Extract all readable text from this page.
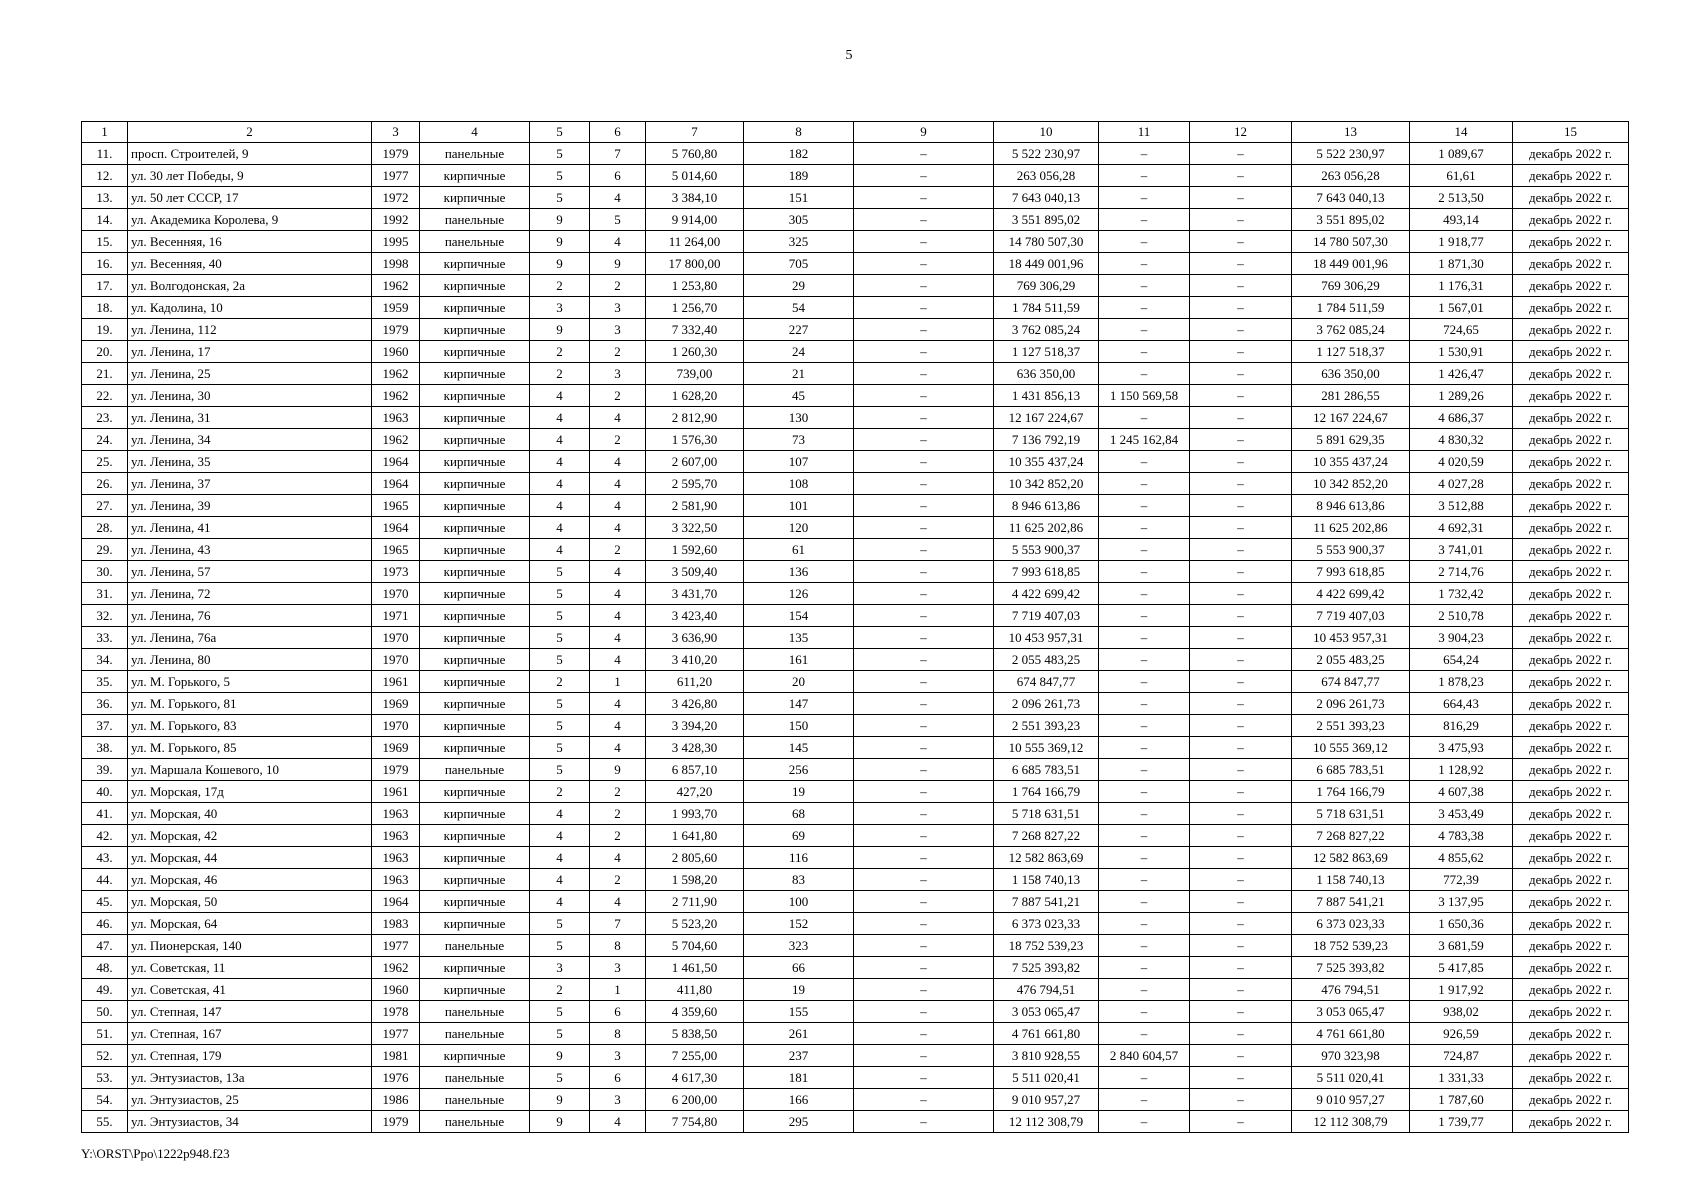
5
1	2	3	4	5	6	7	8	9	10	11	12	13	14	15
11.	просп. Строителей, 9	1979	панельные	5	7	5 760,80	182	–	5 522 230,97	–	–	5 522 230,97	1 089,67	декабрь 2022 г.
12.	ул. 30 лет Победы, 9	1977	кирпичные	5	6	5 014,60	189	–	263 056,28	–	–	263 056,28	61,61	декабрь 2022 г.
13.	ул. 50 лет СССР, 17	1972	кирпичные	5	4	3 384,10	151	–	7 643 040,13	–	–	7 643 040,13	2 513,50	декабрь 2022 г.
14.	ул. Академика Королева, 9	1992	панельные	9	5	9 914,00	305	–	3 551 895,02	–	–	3 551 895,02	493,14	декабрь 2022 г.
15.	ул. Весенняя, 16	1995	панельные	9	4	11 264,00	325	–	14 780 507,30	–	–	14 780 507,30	1 918,77	декабрь 2022 г.
16.	ул. Весенняя, 40	1998	кирпичные	9	9	17 800,00	705	–	18 449 001,96	–	–	18 449 001,96	1 871,30	декабрь 2022 г.
17.	ул. Волгодонская, 2а	1962	кирпичные	2	2	1 253,80	29	–	769 306,29	–	–	769 306,29	1 176,31	декабрь 2022 г.
18.	ул. Кадолина, 10	1959	кирпичные	3	3	1 256,70	54	–	1 784 511,59	–	–	1 784 511,59	1 567,01	декабрь 2022 г.
19.	ул. Ленина, 112	1979	кирпичные	9	3	7 332,40	227	–	3 762 085,24	–	–	3 762 085,24	724,65	декабрь 2022 г.
20.	ул. Ленина, 17	1960	кирпичные	2	2	1 260,30	24	–	1 127 518,37	–	–	1 127 518,37	1 530,91	декабрь 2022 г.
21.	ул. Ленина, 25	1962	кирпичные	2	3	739,00	21	–	636 350,00	–	–	636 350,00	1 426,47	декабрь 2022 г.
22.	ул. Ленина, 30	1962	кирпичные	4	2	1 628,20	45	–	1 431 856,13	1 150 569,58	–	281 286,55	1 289,26	декабрь 2022 г.
23.	ул. Ленина, 31	1963	кирпичные	4	4	2 812,90	130	–	12 167 224,67	–	–	12 167 224,67	4 686,37	декабрь 2022 г.
24.	ул. Ленина, 34	1962	кирпичные	4	2	1 576,30	73	–	7 136 792,19	1 245 162,84	–	5 891 629,35	4 830,32	декабрь 2022 г.
25.	ул. Ленина, 35	1964	кирпичные	4	4	2 607,00	107	–	10 355 437,24	–	–	10 355 437,24	4 020,59	декабрь 2022 г.
26.	ул. Ленина, 37	1964	кирпичные	4	4	2 595,70	108	–	10 342 852,20	–	–	10 342 852,20	4 027,28	декабрь 2022 г.
27.	ул. Ленина, 39	1965	кирпичные	4	4	2 581,90	101	–	8 946 613,86	–	–	8 946 613,86	3 512,88	декабрь 2022 г.
28.	ул. Ленина, 41	1964	кирпичные	4	4	3 322,50	120	–	11 625 202,86	–	–	11 625 202,86	4 692,31	декабрь 2022 г.
29.	ул. Ленина, 43	1965	кирпичные	4	2	1 592,60	61	–	5 553 900,37	–	–	5 553 900,37	3 741,01	декабрь 2022 г.
30.	ул. Ленина, 57	1973	кирпичные	5	4	3 509,40	136	–	7 993 618,85	–	–	7 993 618,85	2 714,76	декабрь 2022 г.
31.	ул. Ленина, 72	1970	кирпичные	5	4	3 431,70	126	–	4 422 699,42	–	–	4 422 699,42	1 732,42	декабрь 2022 г.
32.	ул. Ленина, 76	1971	кирпичные	5	4	3 423,40	154	–	7 719 407,03	–	–	7 719 407,03	2 510,78	декабрь 2022 г.
33.	ул. Ленина, 76а	1970	кирпичные	5	4	3 636,90	135	–	10 453 957,31	–	–	10 453 957,31	3 904,23	декабрь 2022 г.
34.	ул. Ленина, 80	1970	кирпичные	5	4	3 410,20	161	–	2 055 483,25	–	–	2 055 483,25	654,24	декабрь 2022 г.
35.	ул. М. Горького, 5	1961	кирпичные	2	1	611,20	20	–	674 847,77	–	–	674 847,77	1 878,23	декабрь 2022 г.
36.	ул. М. Горького, 81	1969	кирпичные	5	4	3 426,80	147	–	2 096 261,73	–	–	2 096 261,73	664,43	декабрь 2022 г.
37.	ул. М. Горького, 83	1970	кирпичные	5	4	3 394,20	150	–	2 551 393,23	–	–	2 551 393,23	816,29	декабрь 2022 г.
38.	ул. М. Горького, 85	1969	кирпичные	5	4	3 428,30	145	–	10 555 369,12	–	–	10 555 369,12	3 475,93	декабрь 2022 г.
39.	ул. Маршала Кошевого, 10	1979	панельные	5	9	6 857,10	256	–	6 685 783,51	–	–	6 685 783,51	1 128,92	декабрь 2022 г.
40.	ул. Морская, 17д	1961	кирпичные	2	2	427,20	19	–	1 764 166,79	–	–	1 764 166,79	4 607,38	декабрь 2022 г.
41.	ул. Морская, 40	1963	кирпичные	4	2	1 993,70	68	–	5 718 631,51	–	–	5 718 631,51	3 453,49	декабрь 2022 г.
42.	ул. Морская, 42	1963	кирпичные	4	2	1 641,80	69	–	7 268 827,22	–	–	7 268 827,22	4 783,38	декабрь 2022 г.
43.	ул. Морская, 44	1963	кирпичные	4	4	2 805,60	116	–	12 582 863,69	–	–	12 582 863,69	4 855,62	декабрь 2022 г.
44.	ул. Морская, 46	1963	кирпичные	4	2	1 598,20	83	–	1 158 740,13	–	–	1 158 740,13	772,39	декабрь 2022 г.
45.	ул. Морская, 50	1964	кирпичные	4	4	2 711,90	100	–	7 887 541,21	–	–	7 887 541,21	3 137,95	декабрь 2022 г.
46.	ул. Морская, 64	1983	кирпичные	5	7	5 523,20	152	–	6 373 023,33	–	–	6 373 023,33	1 650,36	декабрь 2022 г.
47.	ул. Пионерская, 140	1977	панельные	5	8	5 704,60	323	–	18 752 539,23	–	–	18 752 539,23	3 681,59	декабрь 2022 г.
48.	ул. Советская, 11	1962	кирпичные	3	3	1 461,50	66	–	7 525 393,82	–	–	7 525 393,82	5 417,85	декабрь 2022 г.
49.	ул. Советская, 41	1960	кирпичные	2	1	411,80	19	–	476 794,51	–	–	476 794,51	1 917,92	декабрь 2022 г.
50.	ул. Степная, 147	1978	панельные	5	6	4 359,60	155	–	3 053 065,47	–	–	3 053 065,47	938,02	декабрь 2022 г.
51.	ул. Степная, 167	1977	панельные	5	8	5 838,50	261	–	4 761 661,80	–	–	4 761 661,80	926,59	декабрь 2022 г.
52.	ул. Степная, 179	1981	кирпичные	9	3	7 255,00	237	–	3 810 928,55	2 840 604,57	–	970 323,98	724,87	декабрь 2022 г.
53.	ул. Энтузиастов, 13а	1976	панельные	5	6	4 617,30	181	–	5 511 020,41	–	–	5 511 020,41	1 331,33	декабрь 2022 г.
54.	ул. Энтузиастов, 25	1986	панельные	9	3	6 200,00	166	–	9 010 957,27	–	–	9 010 957,27	1 787,60	декабрь 2022 г.
55.	ул. Энтузиастов, 34	1979	панельные	9	4	7 754,80	295	–	12 112 308,79	–	–	12 112 308,79	1 739,77	декабрь 2022 г.
Y:\ORST\Ppo\1222p948.f23
